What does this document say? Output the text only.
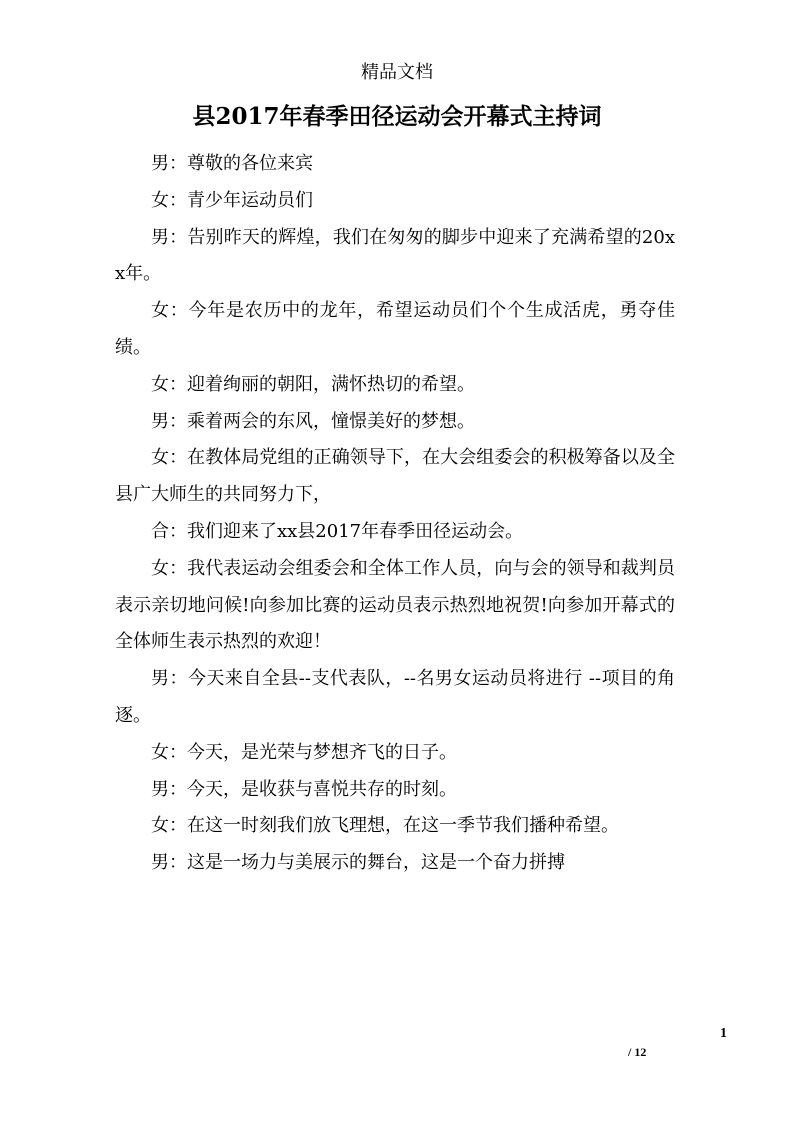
精品文档
县2017年春季田径运动会开幕式主持词

男：尊敬的各位来宾

女：青少年运动员们

男：告别昨天的辉煌，我们在匆匆的脚步中迎来了充满希望的20xx年。

女：今年是农历中的龙年，希望运动员们个个生成活虎，勇夺佳绩。

女：迎着绚丽的朝阳，满怀热切的希望。

男：乘着两会的东风，憧憬美好的梦想。

女：在教体局党组的正确领导下，在大会组委会的积极筹备以及全县广大师生的共同努力下，

合：我们迎来了xx县2017年春季田径运动会。

女：我代表运动会组委会和全体工作人员，向与会的领导和裁判员表示亲切地问候!向参加比赛的运动员表示热烈地祝贺!向参加开幕式的全体师生表示热烈的欢迎！

男：今天来自全县--支代表队，--名男女运动员将进行 --项目的角逐。

女：今天，是光荣与梦想齐飞的日子。

男：今天，是收获与喜悦共存的时刻。

女：在这一时刻我们放飞理想，在这一季节我们播种希望。

男：这是一场力与美展示的舞台，这是一个奋力拼搏

1
/ 12
